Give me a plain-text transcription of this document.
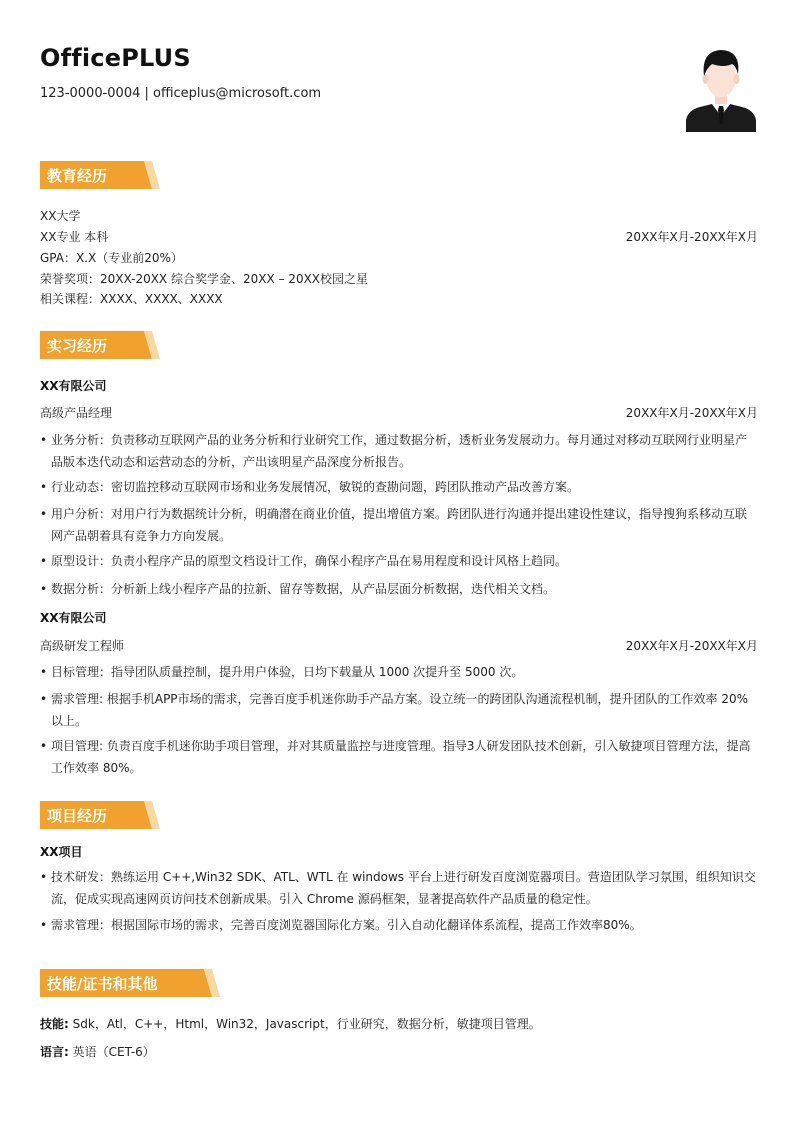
OfficePLUS
123-0000-0004 | officeplus@microsoft.com
教育经历
XX大学
XX专业 本科	20XX年X月-20XX年X月
GPA：X.X（专业前20%）
荣誉奖项：20XX-20XX 综合奖学金、20XX – 20XX校园之星
相关课程：XXXX、XXXX、XXXX
实习经历
XX有限公司
高级产品经理	20XX年X月-20XX年X月
• 业务分析：负责移动互联网产品的业务分析和行业研究工作，通过数据分析，透析业务发展动力。每月通过对移动互联网行业明星产品版本迭代动态和运营动态的分析，产出该明星产品深度分析报告。
• 行业动态：密切监控移动互联网市场和业务发展情况，敏锐的查勘问题，跨团队推动产品改善方案。
• 用户分析：对用户行为数据统计分析，明确潜在商业价值，提出增值方案。跨团队进行沟通并提出建设性建议，指导搜狗系移动互联网产品朝着具有竞争力方向发展。
• 原型设计：负责小程序产品的原型文档设计工作，确保小程序产品在易用程度和设计风格上趋同。
• 数据分析：分析新上线小程序产品的拉新、留存等数据，从产品层面分析数据，迭代相关文档。
XX有限公司
高级研发工程师	20XX年X月-20XX年X月
• 目标管理：指导团队质量控制，提升用户体验，日均下载量从 1000 次提升至 5000 次。
• 需求管理: 根据手机APP市场的需求，完善百度手机迷你助手产品方案。设立统一的跨团队沟通流程机制，提升团队的工作效率 20%以上。
• 项目管理: 负责百度手机迷你助手项目管理，并对其质量监控与进度管理。指导3人研发团队技术创新，引入敏捷项目管理方法，提高工作效率 80%。
项目经历
XX项目
• 技术研发：熟练运用 C++,Win32 SDK、ATL、WTL 在 windows 平台上进行研发百度浏览器项目。营造团队学习氛围，组织知识交流，促成实现高速网页访问技术创新成果。引入 Chrome 源码框架，显著提高软件产品质量的稳定性。
• 需求管理：根据国际市场的需求，完善百度浏览器国际化方案。引入自动化翻译体系流程，提高工作效率80%。
技能/证书和其他
技能: Sdk，Atl，C++，Html，Win32，Javascript，行业研究，数据分析，敏捷项目管理。
语言: 英语（CET-6）
